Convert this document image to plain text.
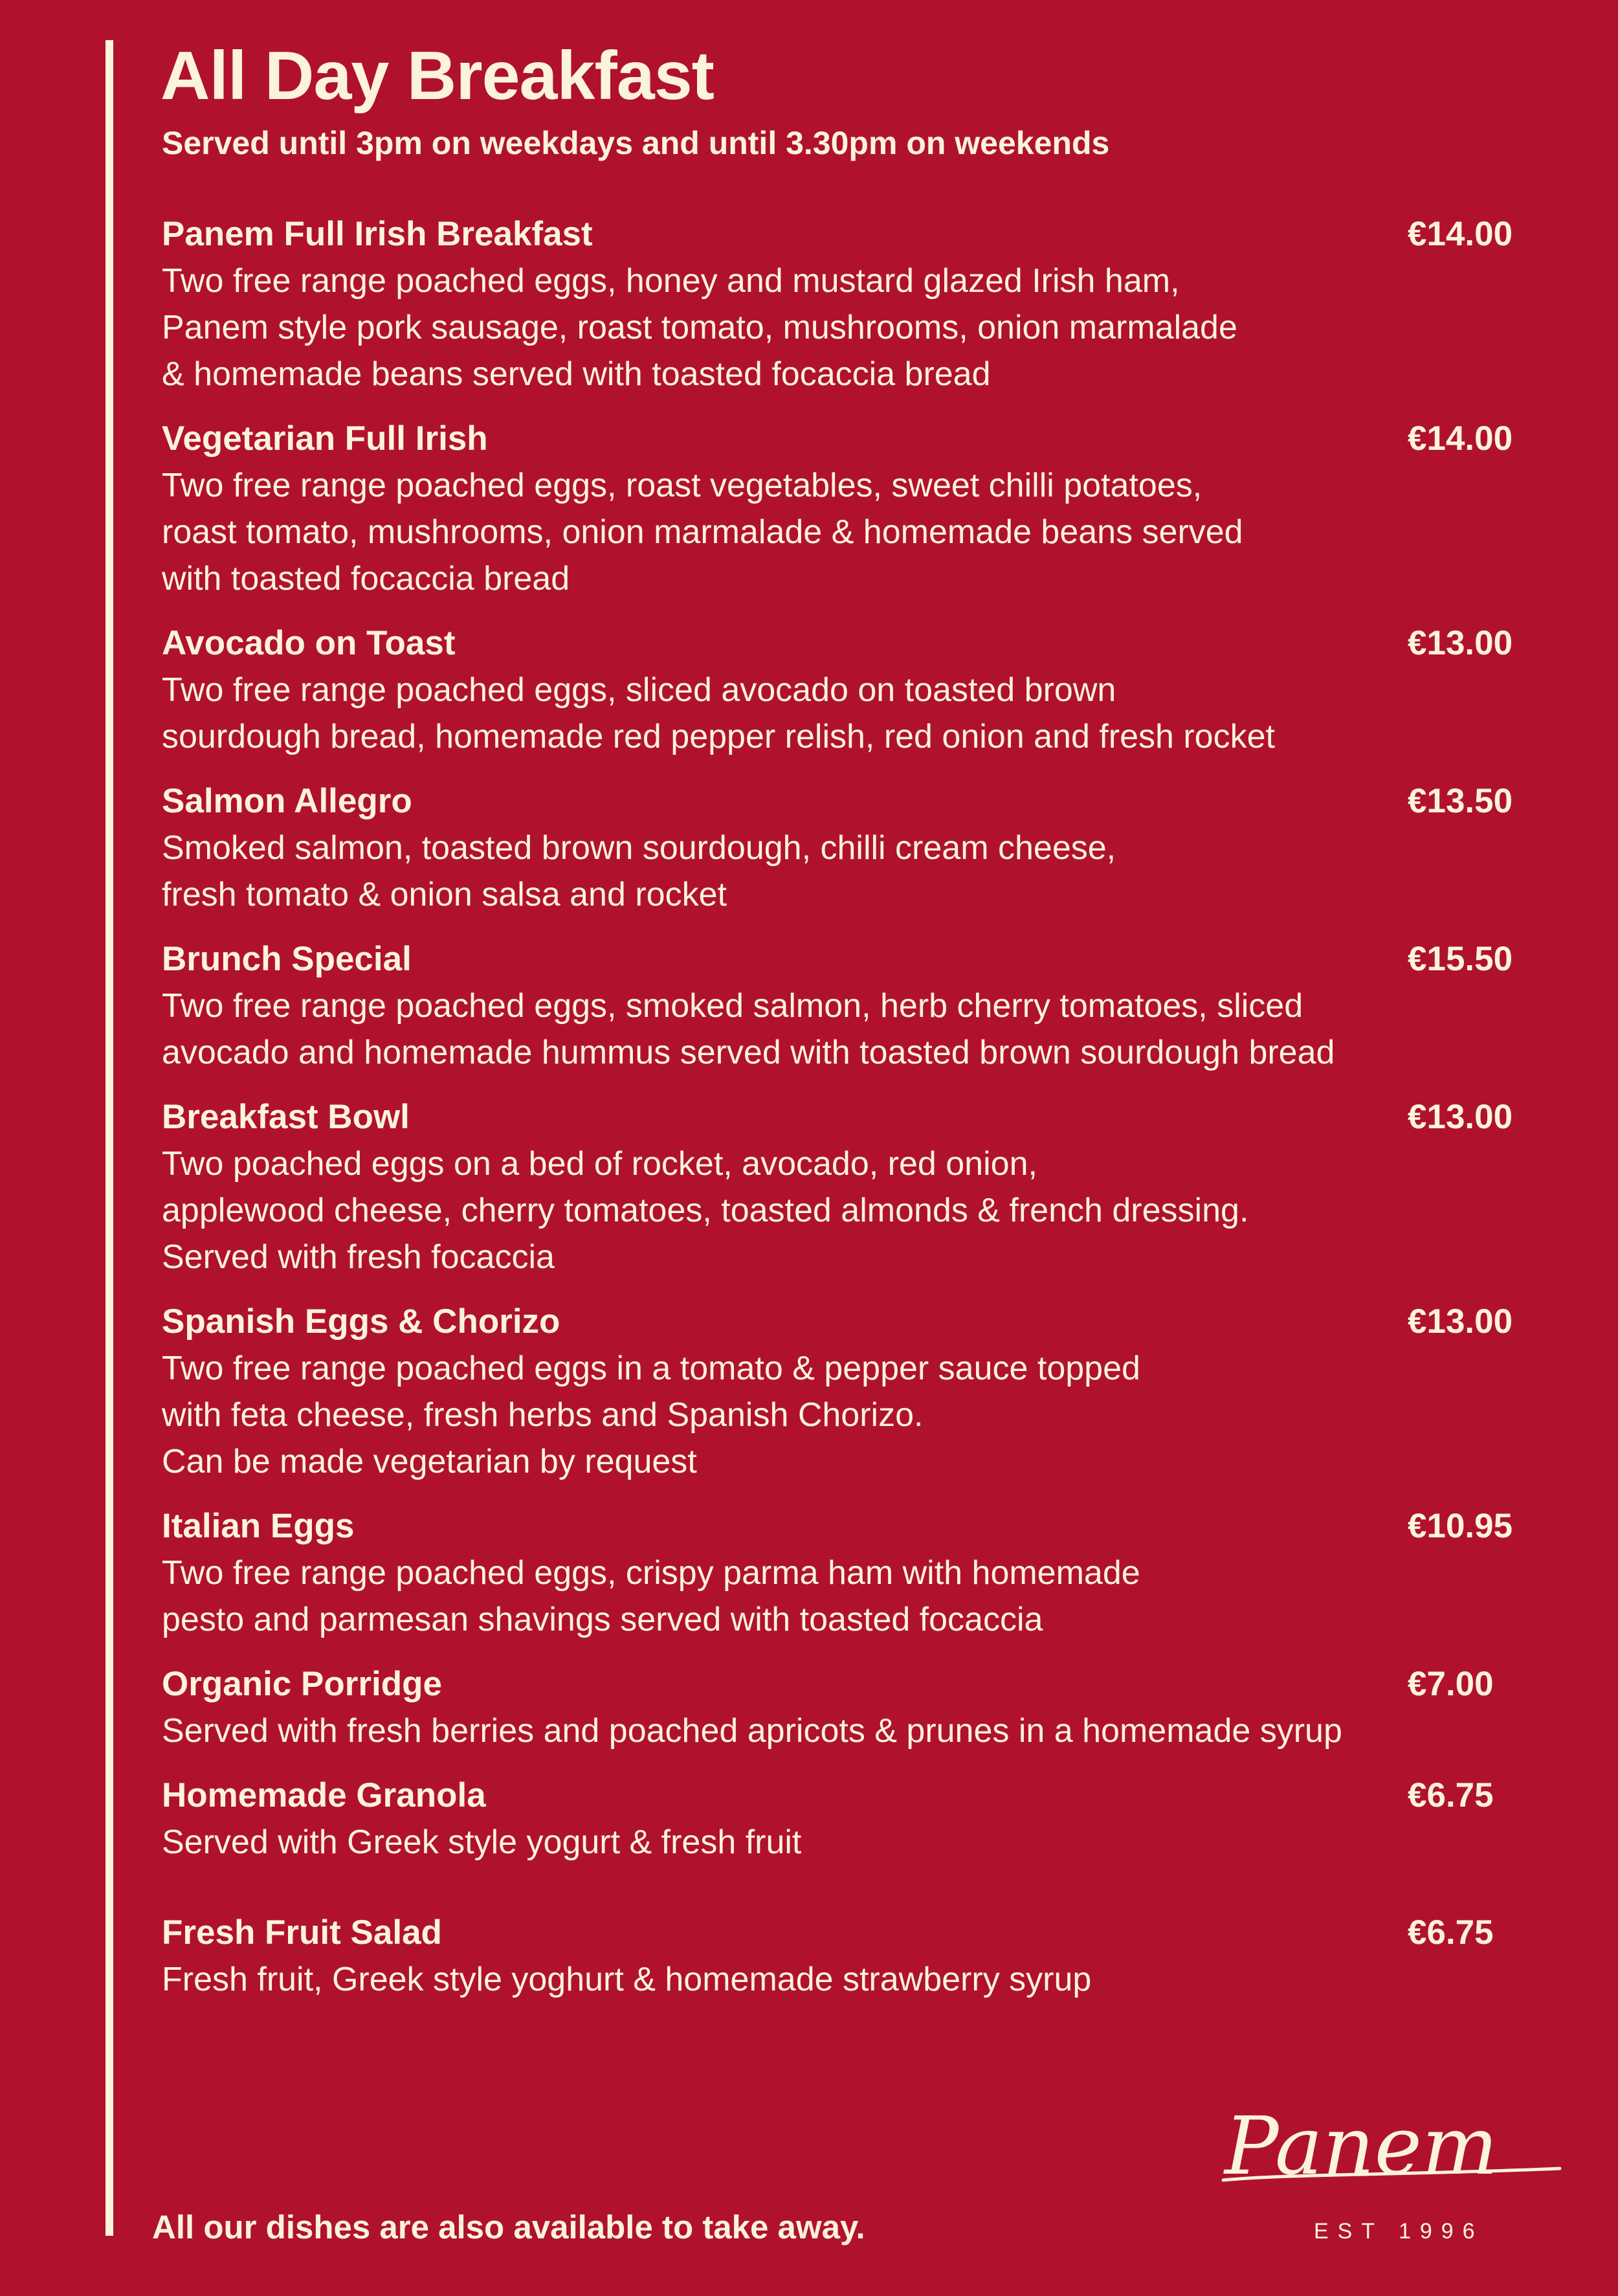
All Day Breakfast
Served until 3pm on weekdays and until 3.30pm on weekends
Panem Full Irish Breakfast	€14.00
Two free range poached eggs, honey and mustard glazed Irish ham,
Panem style pork sausage, roast tomato, mushrooms, onion marmalade
& homemade beans served with toasted focaccia bread
Vegetarian Full Irish	€14.00
Two free range poached eggs, roast vegetables, sweet chilli potatoes,
roast tomato, mushrooms, onion marmalade & homemade beans served
with toasted focaccia bread
Avocado on Toast	€13.00
Two free range poached eggs, sliced avocado on toasted brown
sourdough bread, homemade red pepper relish, red onion and fresh rocket
Salmon Allegro	€13.50
Smoked salmon, toasted brown sourdough, chilli cream cheese,
fresh tomato & onion salsa and rocket
Brunch Special	€15.50
Two free range poached eggs, smoked salmon, herb cherry tomatoes, sliced
avocado and homemade hummus served with toasted brown sourdough bread
Breakfast Bowl	€13.00
Two poached eggs on a bed of rocket, avocado, red onion,
applewood cheese, cherry tomatoes, toasted almonds & french dressing.
Served with fresh focaccia
Spanish Eggs & Chorizo	€13.00
Two free range poached eggs in a tomato & pepper sauce topped
with feta cheese, fresh herbs and Spanish Chorizo.
Can be made vegetarian by request
Italian Eggs	€10.95
Two free range poached eggs, crispy parma ham with homemade
pesto and parmesan shavings served with toasted focaccia
Organic Porridge	€7.00
Served with fresh berries and poached apricots & prunes in a homemade syrup
Homemade Granola	€6.75
Served with Greek style yogurt & fresh fruit
Fresh Fruit Salad	€6.75
Fresh fruit, Greek style yoghurt & homemade strawberry syrup
All our dishes are also available to take away.
Panem
EST 1996
